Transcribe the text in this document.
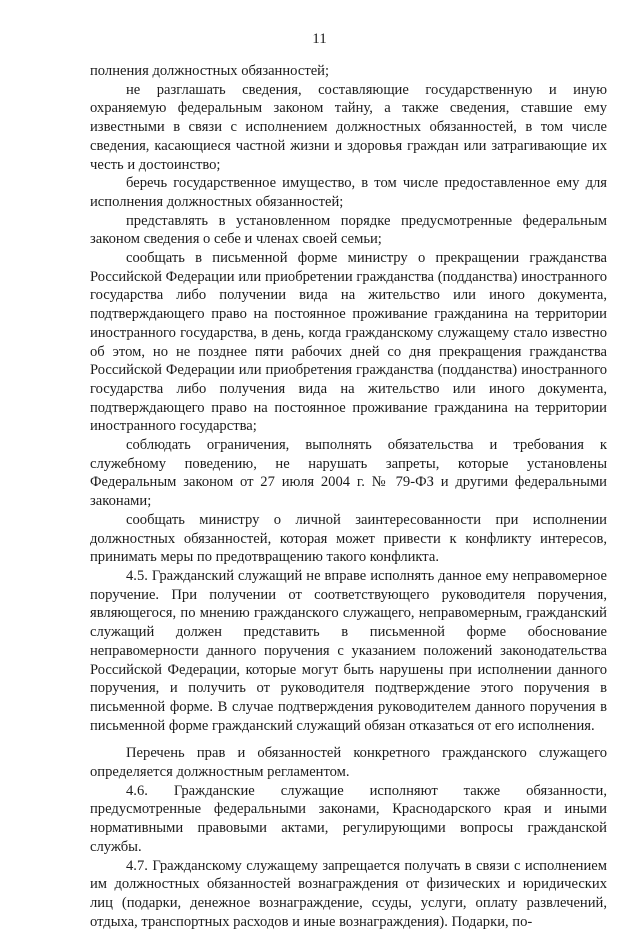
11

полнения должностных обязанностей;

не разглашать сведения, составляющие государственную и иную охраняемую федеральным законом тайну, а также сведения, ставшие ему известными в связи с исполнением должностных обязанностей, в том числе сведения, касающиеся частной жизни и здоровья граждан или затрагивающие их честь и достоинство;

беречь государственное имущество, в том числе предоставленное ему для исполнения должностных обязанностей;

представлять в установленном порядке предусмотренные федеральным законом сведения о себе и членах своей семьи;

сообщать в письменной форме министру о прекращении гражданства Российской Федерации или приобретении гражданства (подданства) иностранного государства либо получении вида на жительство или иного документа, подтверждающего право на постоянное проживание гражданина на территории иностранного государства, в день, когда гражданскому служащему стало известно об этом, но не позднее пяти рабочих дней со дня прекращения гражданства Российской Федерации или приобретения гражданства (подданства) иностранного государства либо получения вида на жительство или иного документа, подтверждающего право на постоянное проживание гражданина на территории иностранного государства;

соблюдать ограничения, выполнять обязательства и требования к служебному поведению, не нарушать запреты, которые установлены Федеральным законом от 27 июля 2004 г. № 79-ФЗ и другими федеральными законами;

сообщать министру о личной заинтересованности при исполнении должностных обязанностей, которая может привести к конфликту интересов, принимать меры по предотвращению такого конфликта.

4.5. Гражданский служащий не вправе исполнять данное ему неправомерное поручение. При получении от соответствующего руководителя поручения, являющегося, по мнению гражданского служащего, неправомерным, гражданский служащий должен представить в письменной форме обоснование неправомерности данного поручения с указанием положений законодательства Российской Федерации, которые могут быть нарушены при исполнении данного поручения, и получить от руководителя подтверждение этого поручения в письменной форме. В случае подтверждения руководителем данного поручения в письменной форме гражданский служащий обязан отказаться от его исполнения.

Перечень прав и обязанностей конкретного гражданского служащего определяется должностным регламентом.

4.6. Гражданские служащие исполняют также обязанности, предусмотренные федеральными законами, Краснодарского края и иными нормативными правовыми актами, регулирующими вопросы гражданской службы.

4.7. Гражданскому служащему запрещается получать в связи с исполнением им должностных обязанностей вознаграждения от физических и юридических лиц (подарки, денежное вознаграждение, ссуды, услуги, оплату развлечений, отдыха, транспортных расходов и иные вознаграждения). Подарки, по-
